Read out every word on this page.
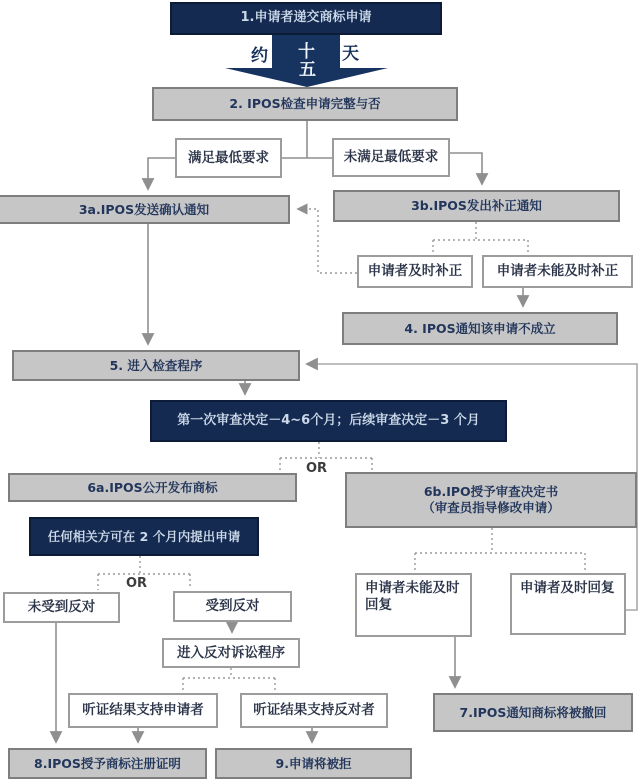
约 十
五
天
OR
OR
1.申请者递交商标申请
2. IPOS检查申请完整与否
满足最低要求	未满足最低要求
3a.IPOS发送确认通知	3b.IPOS发出补正通知
申请者及时补正	申请者未能及时补正
4. IPOS通知该申请不成立
5. 进入检查程序
第一次审查决定－4~6个月；后续审查决定－3 个月
6a.IPOS公开发布商标	6b.IPO授予审查决定书
（审查员指导修改申请）
任何相关方可在 2 个月内提出申请
未受到反对	受到反对
申请者未能及时
回复
申请者及时回复
进入反对诉讼程序
听证结果支持申请者	听证结果支持反对者	7.IPOS通知商标将被撤回
8.IPOS授予商标注册证明	9.申请将被拒
